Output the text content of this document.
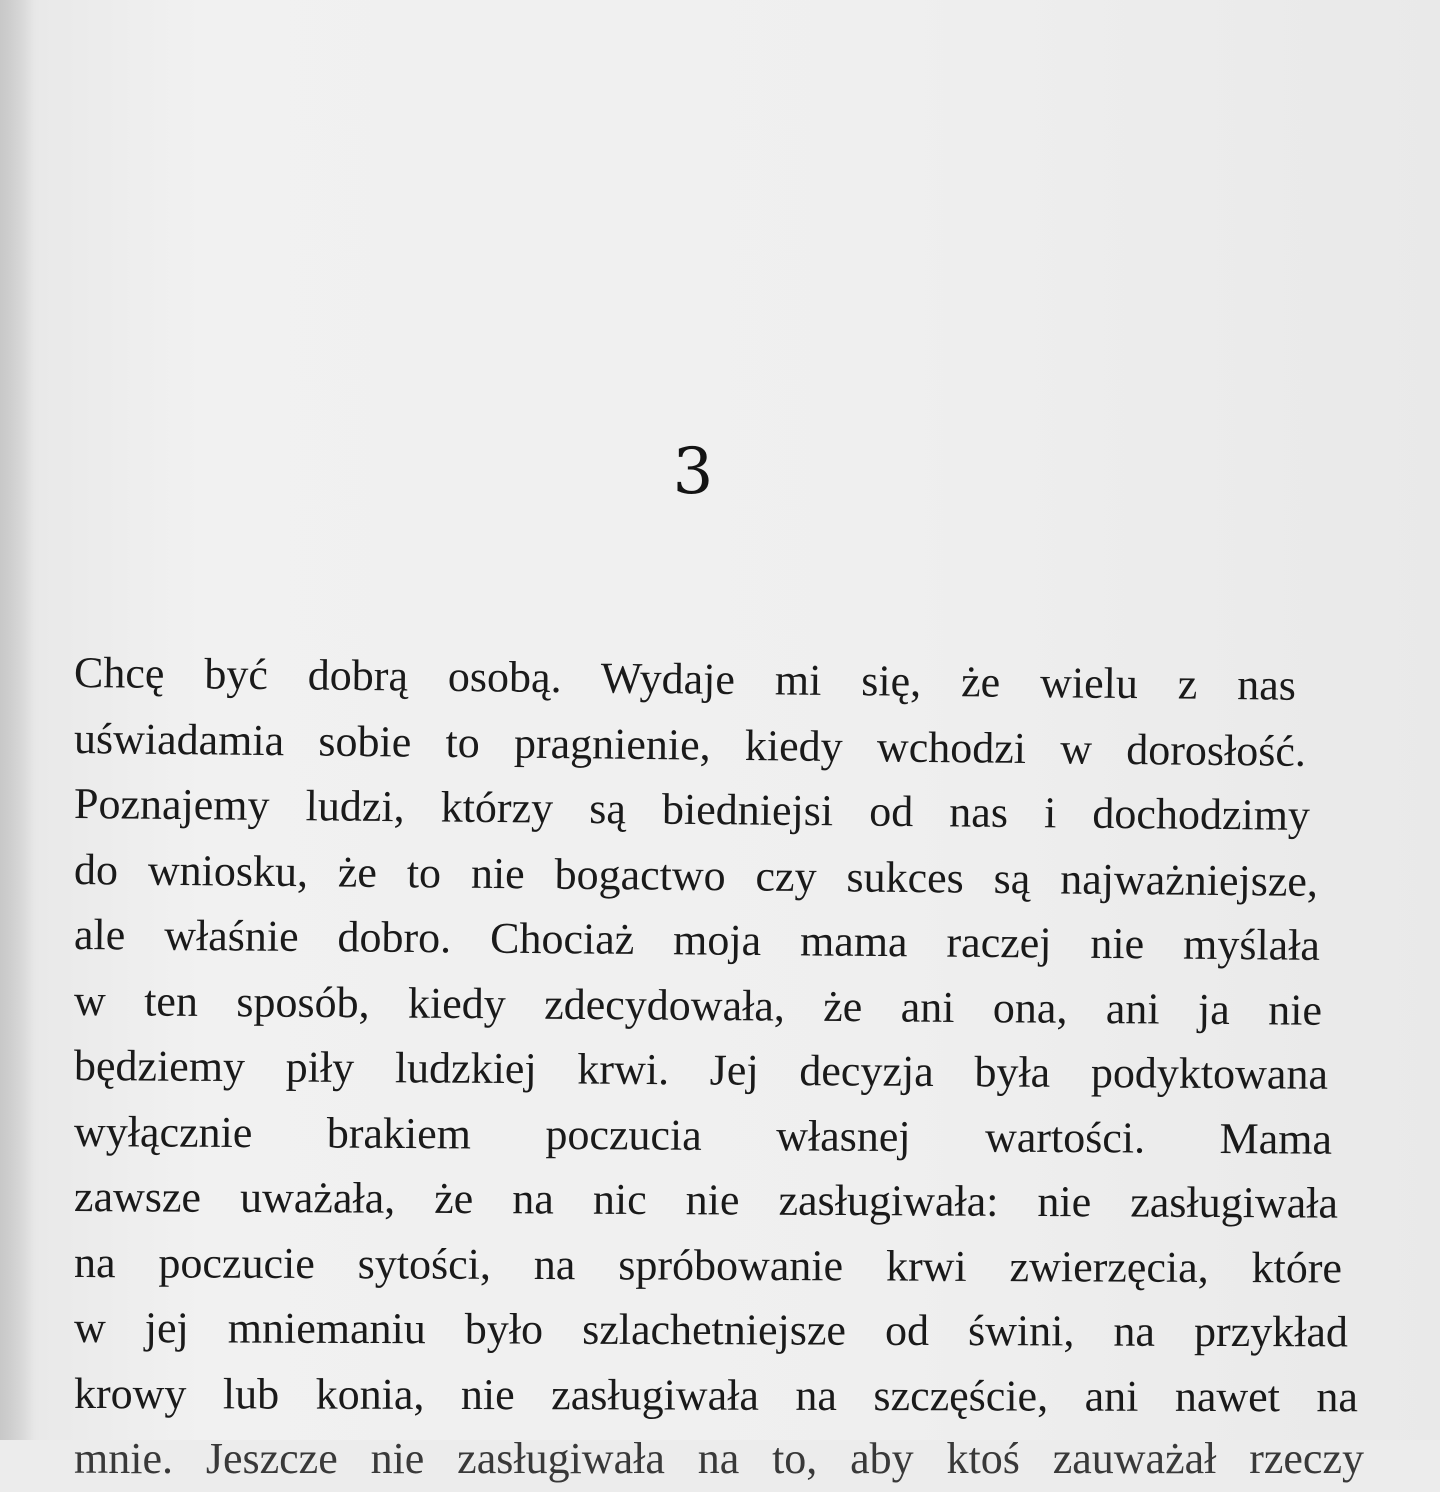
3
Chcę być dobrą osobą. Wydaje mi się, że wielu z nas
uświadamia sobie to pragnienie, kiedy wchodzi w dorosłość.
Poznajemy ludzi, którzy są biedniejsi od nas i dochodzimy
do wniosku, że to nie bogactwo czy sukces są najważniejsze,
ale właśnie dobro. Chociaż moja mama raczej nie myślała
w ten sposób, kiedy zdecydowała, że ani ona, ani ja nie
będziemy piły ludzkiej krwi. Jej decyzja była podyktowana
wyłącznie brakiem poczucia własnej wartości. Mama
zawsze uważała, że na nic nie zasługiwała: nie zasługiwała
na poczucie sytości, na spróbowanie krwi zwierzęcia, które
w jej mniemaniu było szlachetniejsze od świni, na przykład
krowy lub konia, nie zasługiwała na szczęście, ani nawet na
mnie. Jeszcze nie zasługiwała na to, aby ktoś zauważał rzeczy
